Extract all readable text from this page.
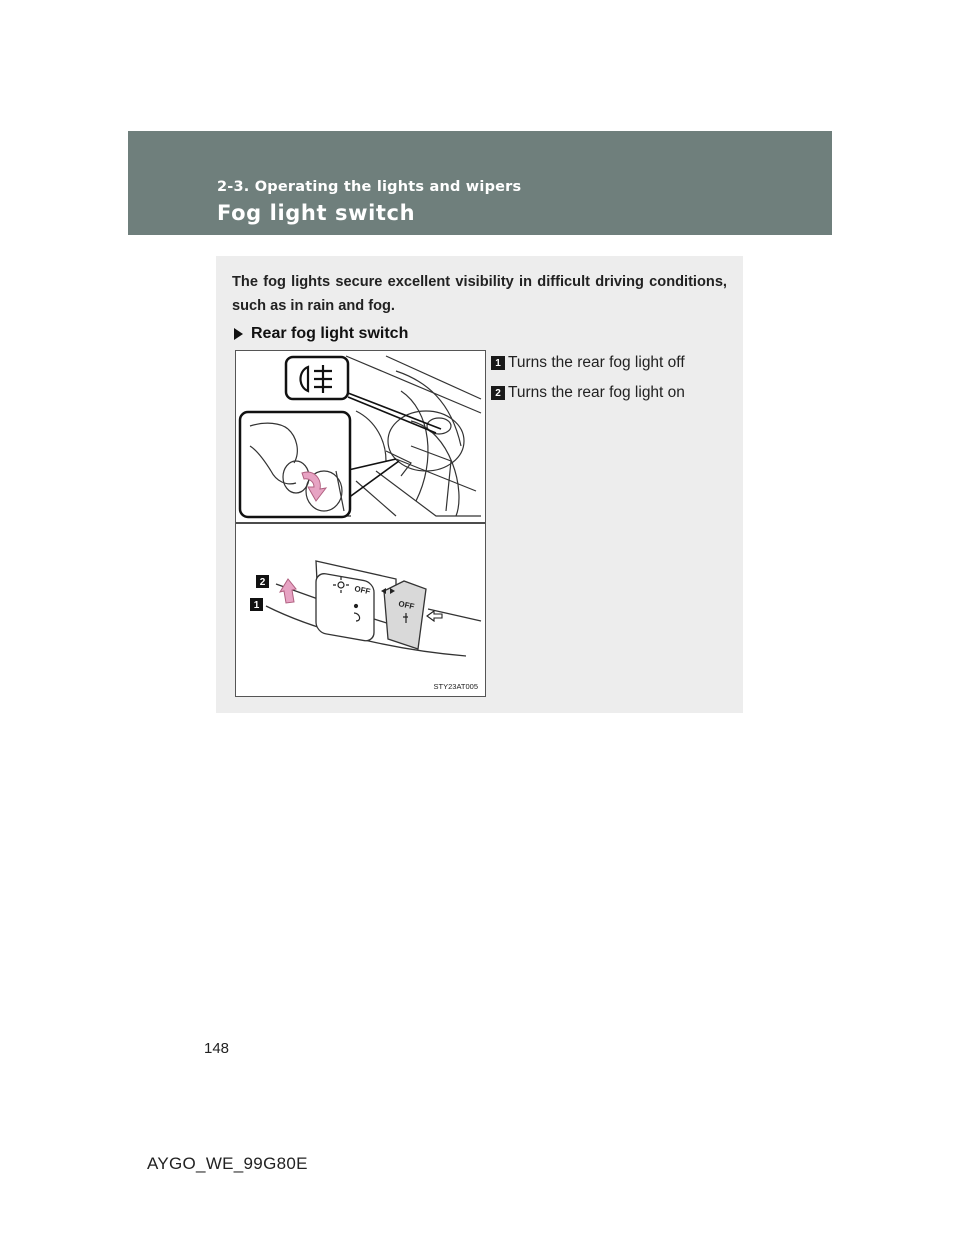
2-3. Operating the lights and wipers
Fog light switch
The fog lights secure excellent visibility in difficult driving conditions, such as in rain and fog.
Rear fog light switch
OFF
OFF
2
1
STY23AT005
1 Turns the rear fog light off
2 Turns the rear fog light on
148
AYGO_WE_99G80E
